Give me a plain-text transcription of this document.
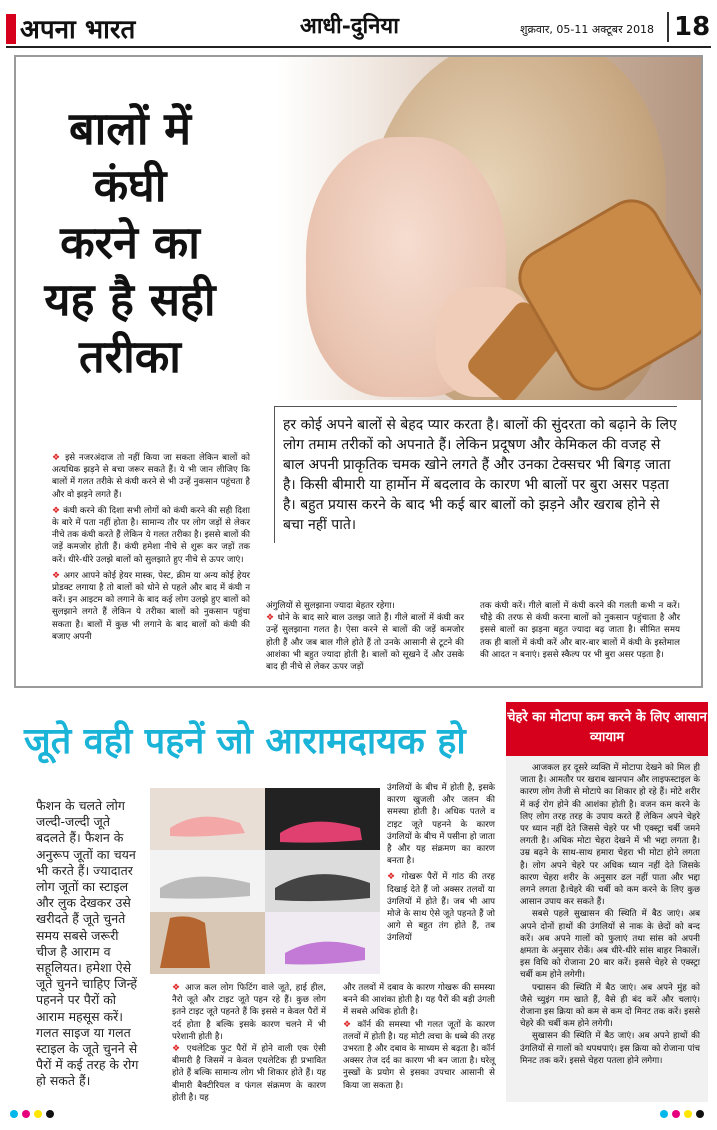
अपना भारत	आधी-दुनिया	शुक्रवार, 05-11 अक्टूबर 2018 18
बालों में
कंघी
करने का
यह है सही
तरीका
हर कोई अपने बालों से बेहद प्यार करता है। बालों की सुंदरता को बढ़ाने के लिए लोग तमाम तरीकों को अपनाते हैं। लेकिन प्रदूषण और केमिकल की वजह से बाल अपनी प्राकृतिक चमक खोने लगते हैं और उनका टेक्सचर भी बिगड़ जाता है। किसी बीमारी या हार्मोन में बदलाव के कारण भी बालों पर बुरा असर पड़ता है। बहुत प्रयास करने के बाद भी कई बार बालों को झड़ने और खराब होने से बचा नहीं पाते।

❖ इसे नजरअंदाज तो नहीं किया जा सकता लेकिन बालों को अत्यधिक झड़ने से बचा जरूर सकते हैं। ये भी जान लीजिए कि बालों में गलत तरीके से कंघी करने से भी उन्हें नुकसान पहुंचता है और वो झड़ने लगते हैं।

❖ कंघी करने की दिशा सभी लोगों को कंघी करने की सही दिशा के बारे में पता नहीं होता है। सामान्य तौर पर लोग जड़ों से लेकर नीचे तक कंघी करते हैं लेकिन ये गलत तरीका है। इससे बालों की जड़ें कमजोर होती हैं। कंघी हमेशा नीचे से शुरू कर जड़ों तक करें। धीरे-धीरे उलझे बालों को सुलझाते हुए नीचे से ऊपर जाएं।

❖ अगर आपने कोई हेयर मास्क, पेस्ट, क्रीम या अन्य कोई हेयर प्रोडक्ट लगाया है तो बालों को धोने से पहले और बाद में कंघी न करें। इन आइटम को लगाने के बाद कई लोग उलझे हुए बालों को सुलझाने लगते हैं लेकिन ये तरीका बालों को नुकसान पहुंचा सकता है। बालों में कुछ भी लगाने के बाद बालों को कंघी की बजाए अपनी

अंगुलियों से सुलझाना ज्यादा बेहतर रहेगा।

❖ धोने के बाद सारे बाल उलझ जाते हैं। गीले बालों में कंघी कर उन्हें सुलझाना गलत है। ऐसा करने से बालों की जड़ें कमजोर होती हैं और जब बाल गीले होते हैं तो उनके आसानी से टूटने की आशंका भी बहुत ज्यादा होती है। बालों को सूखने दें और उसके बाद ही नीचे से लेकर ऊपर जड़ों

तक कंघी करें। गीले बालों में कंघी करने की गलती कभी न करें।चौड़े की तरफ से कंघी करना बालों को नुकसान पहुंचाता है और इससे बालों का झड़ना बहुत ज्यादा बढ़ जाता है। सीमित समय तक ही बालों में कंघी करें और बार-बार बालों में कंघी के इस्तेमाल की आदत न बनाएं। इससे स्कैल्प पर भी बुरा असर पड़ता है।

जूते वही पहनें जो आरामदायक हो
फैशन के चलते लोग जल्दी-जल्दी जूते बदलते हैं। फैशन के अनुरूप जूतों का चयन भी करते हैं। ज्यादातर लोग जूतों का स्टाइल और लुक देखकर उसे खरीदते हैं जूते चुनते समय सबसे जरूरी चीज है आराम व सहूलियत। हमेशा ऐसे जूते चुनने चाहिए जिन्हें पहनने पर पैरों को आराम महसूस करें। गलत साइज या गलत स्टाइल के जूते चुनने से पैरों में कई तरह के रोग हो सकते हैं।

उंगलियों के बीच में होती है, इसके कारण खुजली और जलन की समस्या होती है। अधिक पतले व टाइट जूते पहनने के कारण उंगलियों के बीच में पसीना हो जाता है और यह संक्रमण का कारण बनता है।

❖ गोखरू पैरों में गांठ की तरह दिखाई देते हैं जो अक्सर तलवों या उंगलियों में होते हैं। जब भी आप मोजे के साथ ऐसे जूते पहनते हैं जो आगे से बहुत तंग होते हैं, तब उंगलियों

❖ आज कल लोग फिटिंग वाले जूते, हाई हील, नैरो जूते और टाइट जूते पहन रहे हैं। कुछ लोग इतने टाइट जूते पहनते हैं कि इससे न केवल पैरों में दर्द होता है बल्कि इसके कारण चलने में भी परेशानी होती है।

❖ एथलेटिक फुट पैरों में होने वाली एक ऐसी बीमारी है जिसमें न केवल एथलेटिक ही प्रभावित होते हैं बल्कि सामान्य लोग भी शिकार होते हैं। यह बीमारी बैक्टीरियल व फंगल संक्रमण के कारण होती है। यह

और तलवों में दबाव के कारण गोखरू की समस्या बनने की आशंका होती है। यह पैरों की बड़ी उंगली में सबसे अधिक होती है।

❖ कॉर्न की समस्या भी गलत जूतों के कारण तलवों में होती है। यह मोटी त्वचा के धब्बे की तरह उभरता है और दबाव के माध्यम से बढ़ता है। कॉर्न अक्सर तेज दर्द का कारण भी बन जाता है। घरेलू नुस्खों के प्रयोग से इसका उपचार आसानी से किया जा सकता है।

चेहरे का मोटापा कम करने के लिए आसान व्यायाम

आजकल हर दूसरे व्यक्ति में मोटापा देखने को मिल ही जाता है। आमतौर पर खराब खानपान और लाइफस्टाइल के कारण लोग तेजी से मोटापे का शिकार हो रहे हैं। मोटे शरीर में कई रोग होने की आशंका होती है। वजन कम करने के लिए लोग तरह तरह के उपाय करते हैं लेकिन अपने चेहरे पर ध्यान नहीं देते जिससे चेहरे पर भी एक्स्ट्रा चर्बी जमने लगती है। अधिक मोटा चेहरा देखने में भी भद्दा लगता है। उम्र बढ़ने के साथ-साथ हमारा चेहरा भी मोटा होने लगता है। लोग अपने चेहरे पर अधिक ध्यान नहीं देते जिसके कारण चेहरा शरीर के अनुसार ढल नहीं पाता और भद्दा लगने लगता है।चेहरे की चर्बी को कम करने के लिए कुछ आसान उपाय कर सकते हैं।

सबसे पहले सुखासन की स्थिति में बैठ जाएं। अब अपने दोनों हाथों की उंगलियों से नाक के छेदों को बन्द करें। अब अपने गालों को फुलाएं तथा सांस को अपनी क्षमता के अनुसार रोकें। अब धीरे-धीरे सांस बाहर निकालें। इस विधि को रोजाना 20 बार करें। इससे चेहरे से एक्स्ट्रा चर्बी कम होने लगेगी।

पद्मासन की स्थिति में बैठ जाएं। अब अपने मुंह को जैसे च्युइंग गम खाते हैं, वैसे ही बंद करें और चलाएं। रोजाना इस क्रिया को कम से कम दो मिनट तक करें। इससे चेहरे की चर्बी कम होने लगेगी।

सुखासन की स्थिति में बैठ जाएं। अब अपने हाथों की उंगलियों से गालों को थपथपाएं। इस क्रिया को रोजाना पांच मिनट तक करें। इससे चेहरा पतला होने लगेगा।
